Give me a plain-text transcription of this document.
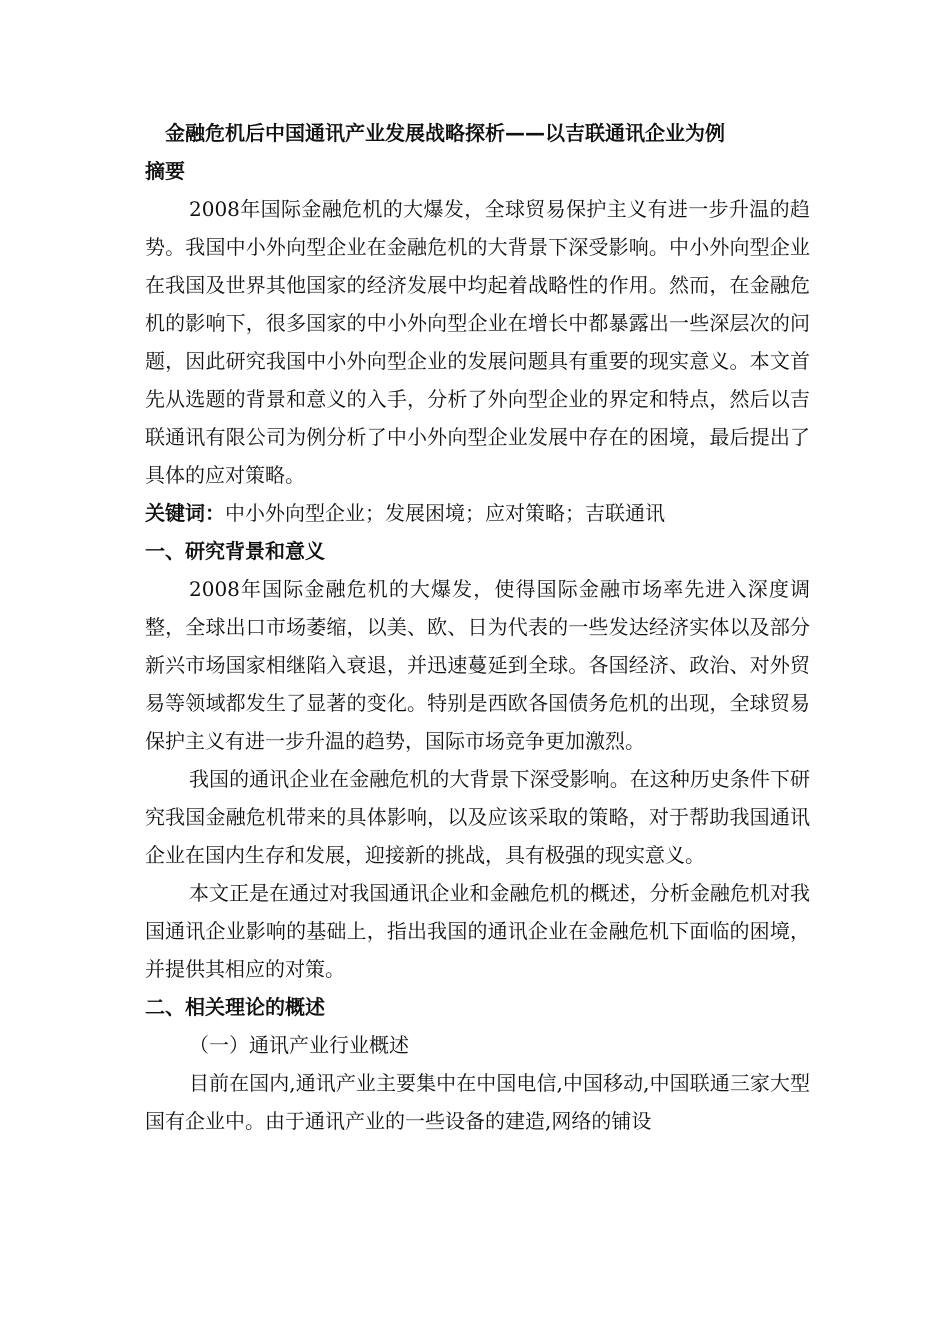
金融危机后中国通讯产业发展战略探析——以吉联通讯企业为例
摘要

2008年国际金融危机的大爆发，全球贸易保护主义有进一步升温的趋势。我国中小外向型企业在金融危机的大背景下深受影响。中小外向型企业在我国及世界其他国家的经济发展中均起着战略性的作用。然而，在金融危机的影响下，很多国家的中小外向型企业在增长中都暴露出一些深层次的问题，因此研究我国中小外向型企业的发展问题具有重要的现实意义。本文首先从选题的背景和意义的入手，分析了外向型企业的界定和特点，然后以吉联通讯有限公司为例分析了中小外向型企业发展中存在的困境，最后提出了具体的应对策略。

关键词：中小外向型企业；发展困境；应对策略；吉联通讯

一、研究背景和意义

2008年国际金融危机的大爆发，使得国际金融市场率先进入深度调整，全球出口市场萎缩，以美、欧、日为代表的一些发达经济实体以及部分新兴市场国家相继陷入衰退，并迅速蔓延到全球。各国经济、政治、对外贸易等领域都发生了显著的变化。特别是西欧各国债务危机的出现，全球贸易保护主义有进一步升温的趋势，国际市场竞争更加激烈。

我国的通讯企业在金融危机的大背景下深受影响。在这种历史条件下研究我国金融危机带来的具体影响，以及应该采取的策略，对于帮助我国通讯企业在国内生存和发展，迎接新的挑战，具有极强的现实意义。

本文正是在通过对我国通讯企业和金融危机的概述，分析金融危机对我国通讯企业影响的基础上，指出我国的通讯企业在金融危机下面临的困境，并提供其相应的对策。

二、相关理论的概述
（一）通讯产业行业概述

目前在国内,通讯产业主要集中在中国电信,中国移动,中国联通三家大型国有企业中。由于通讯产业的一些设备的建造,网络的铺设
